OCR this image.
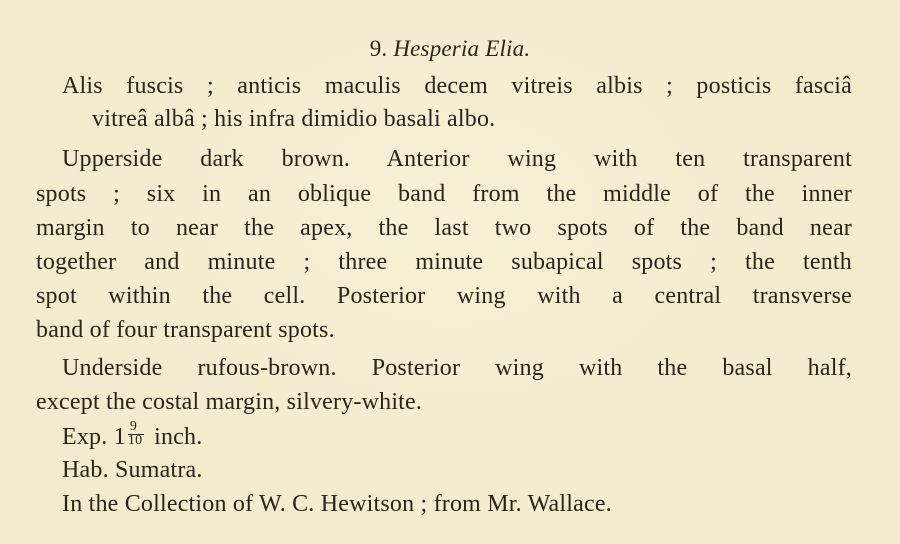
9. Hesperia Elia.
Alis fuscis ; anticis maculis decem vitreis albis ; posticis fasciâ
vitreâ albâ ; his infra dimidio basali albo.
Upperside dark brown. Anterior wing with ten transparent
spots ; six in an oblique band from the middle of the inner
margin to near the apex, the last two spots of the band near
together and minute ; three minute subapical spots ; the tenth
spot within the cell. Posterior wing with a central transverse
band of four transparent spots.
Underside rufous-brown. Posterior wing with the basal half,
except the costal margin, silvery-white.
Exp. $1 \frac{9}{10}$ inch.
Hab. Sumatra.
In the Collection of W. C. Hewitson ; from Mr. Wallace.
